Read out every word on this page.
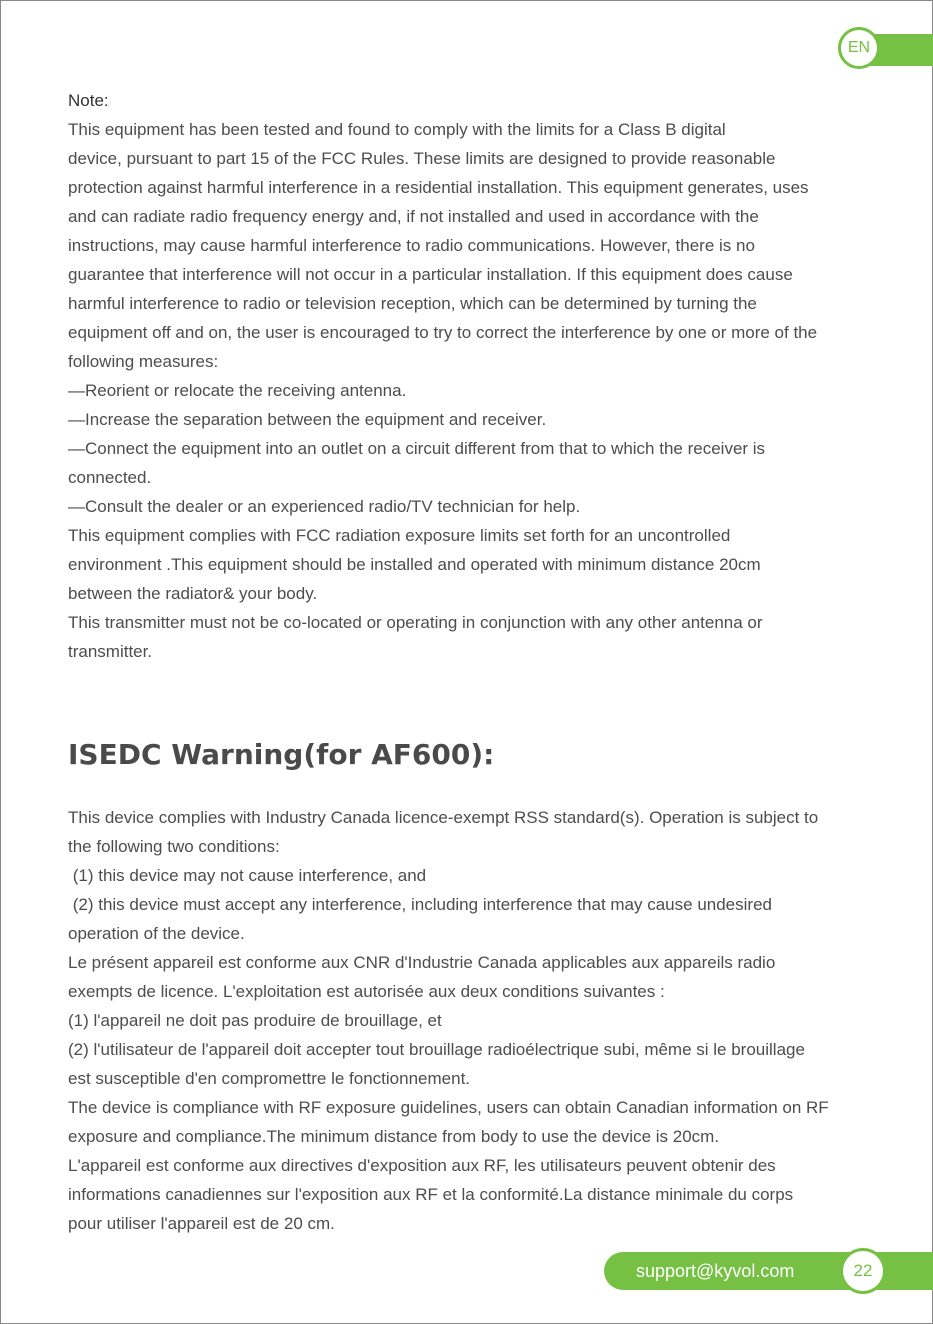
EN

Note:

This equipment has been tested and found to comply with the limits for a Class B digital

device, pursuant to part 15 of the FCC Rules. These limits are designed to provide reasonable

protection against harmful interference in a residential installation. This equipment generates, uses

and can radiate radio frequency energy and, if not installed and used in accordance with the

instructions, may cause harmful interference to radio communications. However, there is no

guarantee that interference will not occur in a particular installation. If this equipment does cause

harmful interference to radio or television reception, which can be determined by turning the

equipment off and on, the user is encouraged to try to correct the interference by one or more of the

following measures:

—Reorient or relocate the receiving antenna.

—Increase the separation between the equipment and receiver.

—Connect the equipment into an outlet on a circuit different from that to which the receiver is

connected.

—Consult the dealer or an experienced radio/TV technician for help.

This equipment complies with FCC radiation exposure limits set forth for an uncontrolled

environment .This equipment should be installed and operated with minimum distance 20cm

between the radiator& your body.

This transmitter must not be co-located or operating in conjunction with any other antenna or

transmitter.

ISEDC Warning(for AF600):

This device complies with Industry Canada licence-exempt RSS standard(s). Operation is subject to

the following two conditions:

(1) this device may not cause interference, and

(2) this device must accept any interference, including interference that may cause undesired

operation of the device.

Le présent appareil est conforme aux CNR d'Industrie Canada applicables aux appareils radio

exempts de licence. L'exploitation est autorisée aux deux conditions suivantes :

(1) l'appareil ne doit pas produire de brouillage, et

(2) l'utilisateur de l'appareil doit accepter tout brouillage radioélectrique subi, même si le brouillage

est susceptible d'en compromettre le fonctionnement.

The device is compliance with RF exposure guidelines, users can obtain Canadian information on RF

exposure and compliance.The minimum distance from body to use the device is 20cm.

L'appareil est conforme aux directives d'exposition aux RF, les utilisateurs peuvent obtenir des

informations canadiennes sur l'exposition aux RF et la conformité.La distance minimale du corps

pour utiliser l'appareil est de 20 cm.

support@kyvol.com	22
